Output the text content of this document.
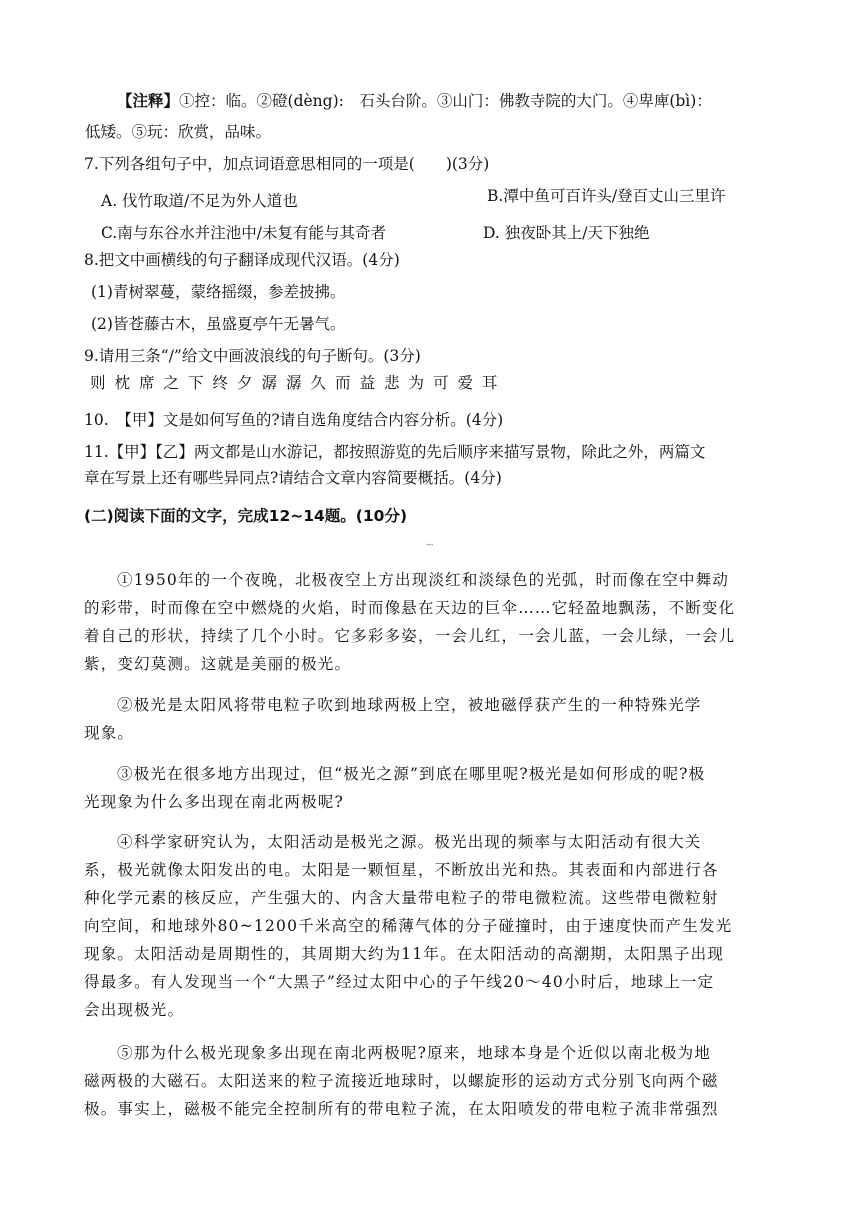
【注释】①控：临。②磴(dèng):　石头台阶。③山门：佛教寺院的大门。④卑庳(bì)：
低矮。⑤玩：欣赏，品味。
7.下列各组句子中，加点词语意思相同的一项是(　　)(3分)
A. 伐竹取道/不足为外人道也	B.潭中鱼可百许头/登百丈山三里许
C.南与东谷水并注池中/未复有能与其奇者	D. 独夜卧其上/天下独绝
8.把文中画横线的句子翻译成现代汉语。(4分)
(1)青树翠蔓，蒙络摇缀，参差披拂。
(2)皆苍藤古木，虽盛夏亭午无暑气。
9.请用三条“/”给文中画波浪线的句子断句。(3分)
则枕席之下终夕潺潺久而益悲为可爱耳
10.　【甲】文是如何写鱼的?请自选角度结合内容分析。(4分)
11.【甲】【乙】两文都是山水游记，都按照游览的先后顺序来描写景物，除此之外，两篇文
章在写景上还有哪些异同点?请结合文章内容简要概括。(4分)
(二)阅读下面的文字，完成12~14题。(10分)
极光形成之谜
①1950年的一个夜晚，北极夜空上方出现淡红和淡绿色的光弧，时而像在空中舞动
的彩带，时而像在空中燃烧的火焰，时而像悬在天边的巨伞……它轻盈地飘荡，不断变化
着自己的形状，持续了几个小时。它多彩多姿，一会儿红，一会儿蓝，一会儿绿，一会儿
紫，变幻莫测。这就是美丽的极光。
②极光是太阳风将带电粒子吹到地球两极上空，被地磁俘获产生的一种特殊光学
现象。
③极光在很多地方出现过，但“极光之源”到底在哪里呢?极光是如何形成的呢?极
光现象为什么多出现在南北两极呢?
④科学家研究认为，太阳活动是极光之源。极光出现的频率与太阳活动有很大关
系，极光就像太阳发出的电。太阳是一颗恒星，不断放出光和热。其表面和内部进行各
种化学元素的核反应，产生强大的、内含大量带电粒子的带电微粒流。这些带电微粒射
向空间，和地球外80~1200千米高空的稀薄气体的分子碰撞时，由于速度快而产生发光
现象。太阳活动是周期性的，其周期大约为11年。在太阳活动的高潮期，太阳黑子出现
得最多。有人发现当一个“大黑子”经过太阳中心的子午线20～40小时后，地球上一定
会出现极光。
⑤那为什么极光现象多出现在南北两极呢?原来，地球本身是个近似以南北极为地
磁两极的大磁石。太阳送来的粒子流接近地球时，以螺旋形的运动方式分别飞向两个磁
极。事实上，磁极不能完全控制所有的带电粒子流，在太阳喷发的带电粒子流非常强烈
